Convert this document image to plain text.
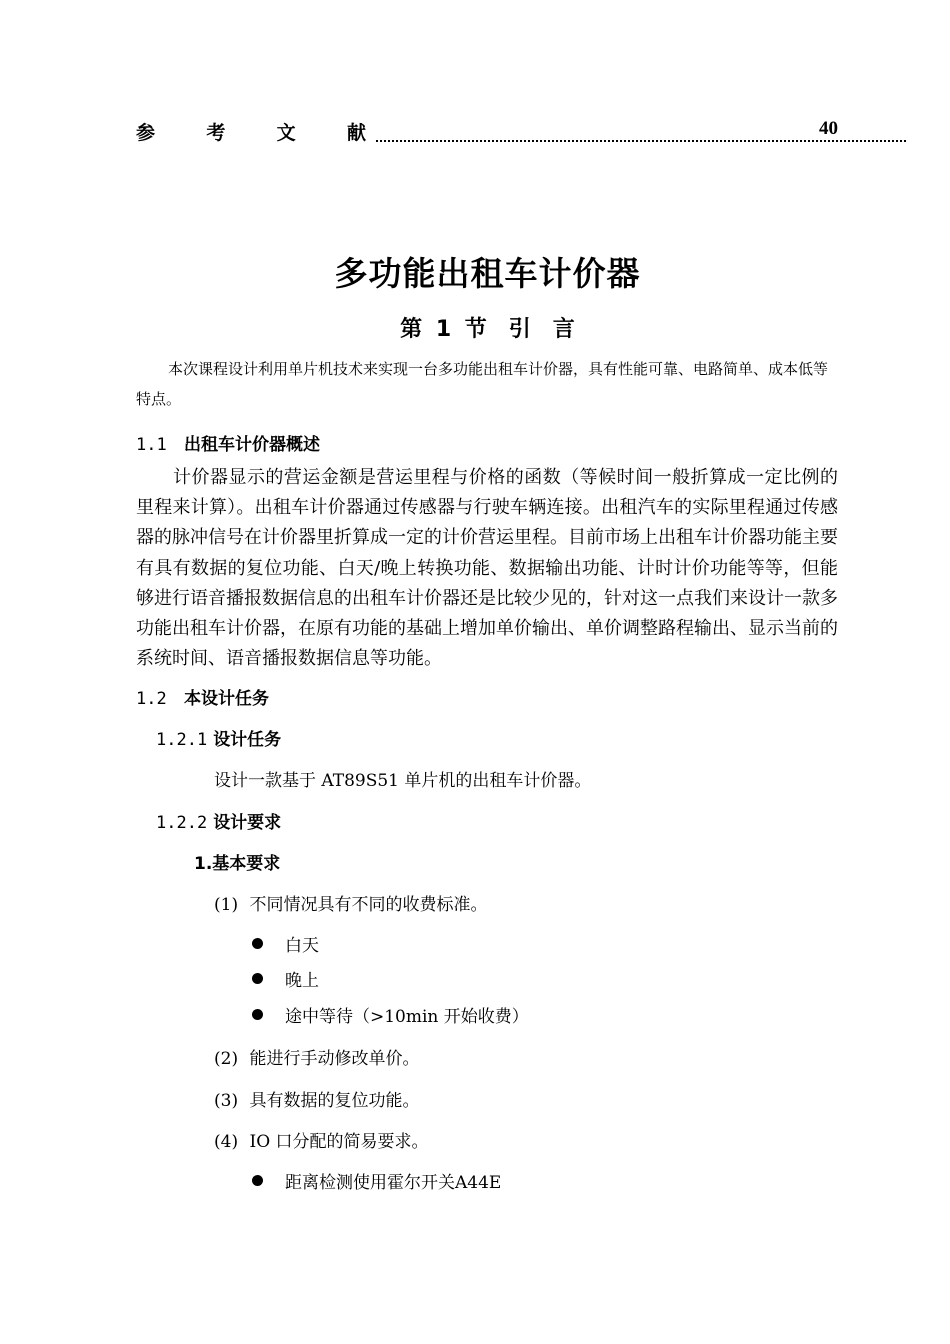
参	考	文	献	40
多功能出租车计价器
第 1 节　引　言
本次课程设计利用单片机技术来实现一台多功能出租车计价器，具有性能可靠、电路简单、成本低等特点。
1.1 出租车计价器概述
计价器显示的营运金额是营运里程与价格的函数（等候时间一般折算成一定比例的里程来计算）。出租车计价器通过传感器与行驶车辆连接。出租汽车的实际里程通过传感器的脉冲信号在计价器里折算成一定的计价营运里程。目前市场上出租车计价器功能主要有具有数据的复位功能、白天/晚上转换功能、数据输出功能、计时计价功能等等，但能够进行语音播报数据信息的出租车计价器还是比较少见的，针对这一点我们来设计一款多功能出租车计价器，在原有功能的基础上增加单价输出、单价调整路程输出、显示当前的系统时间、语音播报数据信息等功能。
1.2 本设计任务
1.2.1 设计任务
设计一款基于 AT89S51 单片机的出租车计价器。
1.2.2 设计要求
1.基本要求
(1) 不同情况具有不同的收费标准。
白天
晚上
途中等待（>10min 开始收费）
(2) 能进行手动修改单价。
(3) 具有数据的复位功能。
(4) IO 口分配的简易要求。
距离检测使用霍尔开关A44E
